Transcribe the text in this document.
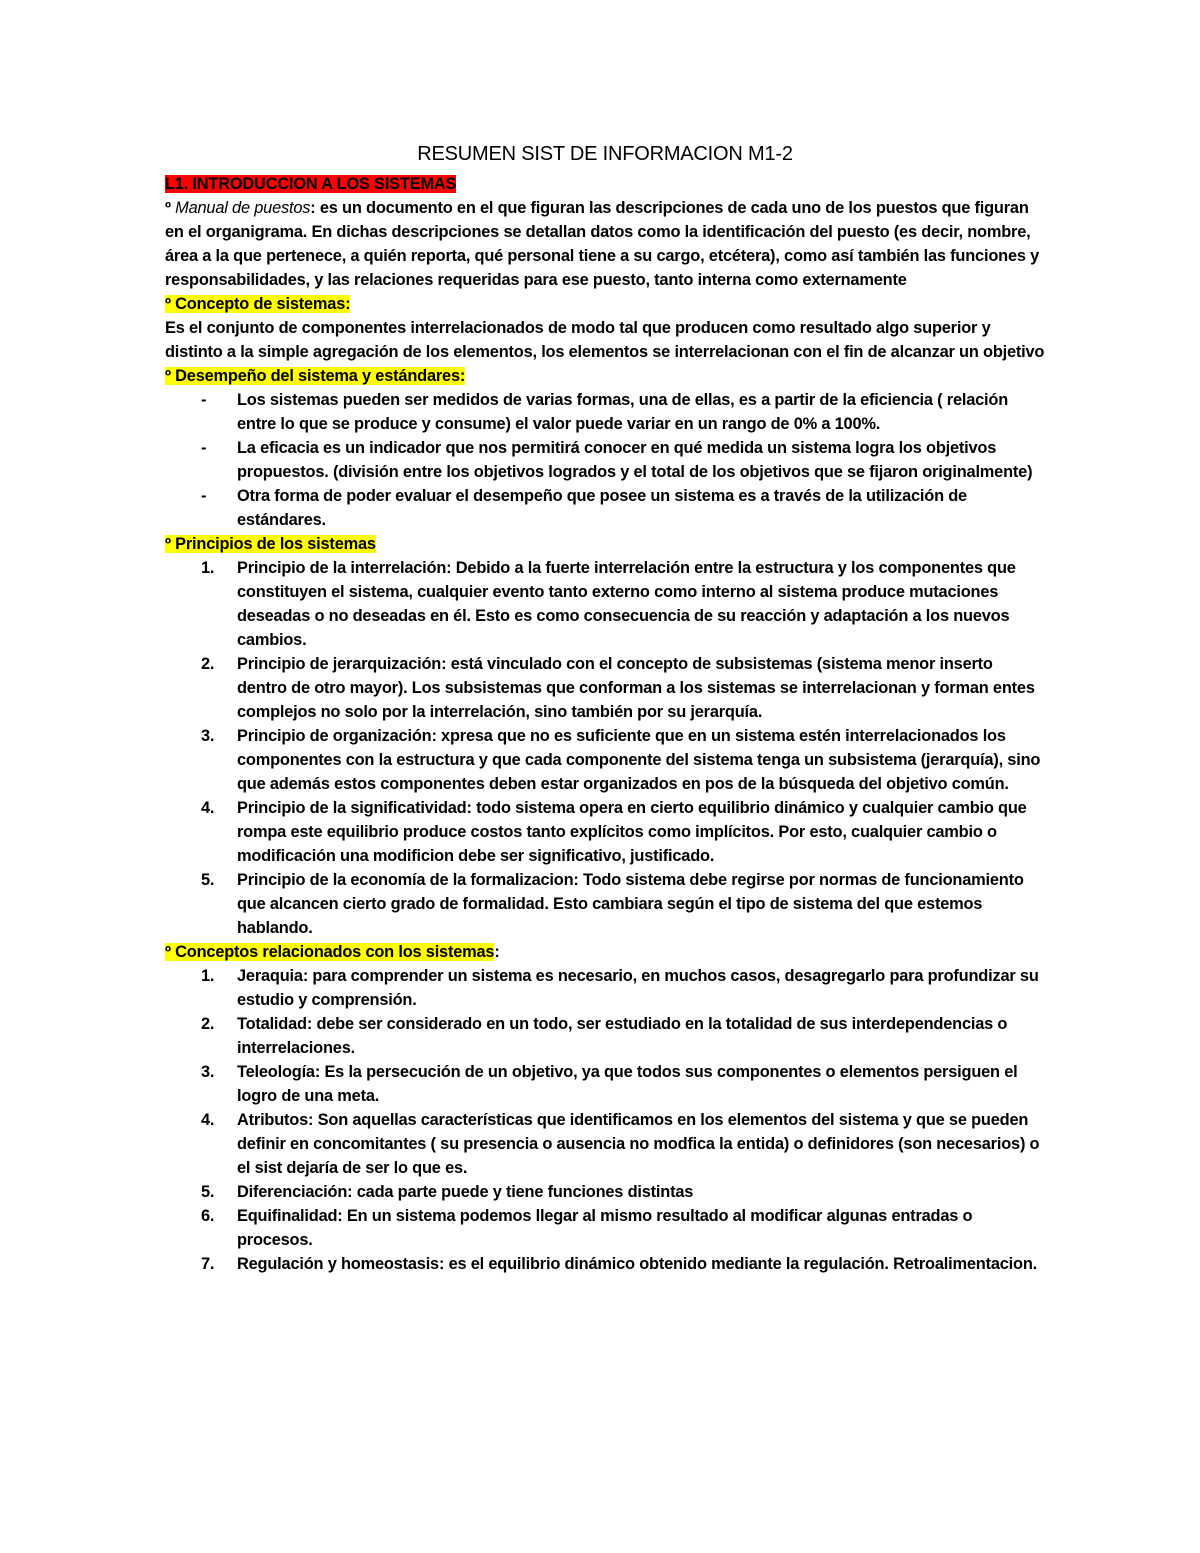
RESUMEN SIST DE INFORMACION M1-2
L1. INTRODUCCION A LOS SISTEMAS

º Manual de puestos: es un documento en el que figuran las descripciones de cada uno de los puestos que figuran en el organigrama. En dichas descripciones se detallan datos como la identificación del puesto (es decir, nombre, área a la que pertenece, a quién reporta, qué personal tiene a su cargo, etcétera), como así también las funciones y responsabilidades, y las relaciones requeridas para ese puesto, tanto interna como externamente

º Concepto de sistemas:

Es el conjunto de componentes interrelacionados de modo tal que producen como resultado algo superior y distinto a la simple agregación de los elementos, los elementos se interrelacionan con el fin de alcanzar un objetivo

º Desempeño del sistema y estándares:
- Los sistemas pueden ser medidos de varias formas, una de ellas, es a partir de la eficiencia ( relación entre lo que se produce y consume) el valor puede variar en un rango de 0% a 100%.
- La eficacia es un indicador que nos permitirá conocer en qué medida un sistema logra los objetivos propuestos. (división entre los objetivos logrados y el total de los objetivos que se fijaron originalmente)
- Otra forma de poder evaluar el desempeño que posee un sistema es a través de la utilización de estándares.
º Principios de los sistemas
1. Principio de la interrelación: Debido a la fuerte interrelación entre la estructura y los componentes que constituyen el sistema, cualquier evento tanto externo como interno al sistema produce mutaciones deseadas o no deseadas en él. Esto es como consecuencia de su reacción y adaptación a los nuevos cambios.
2. Principio de jerarquización: está vinculado con el concepto de subsistemas (sistema menor inserto dentro de otro mayor). Los subsistemas que conforman a los sistemas se interrelacionan y forman entes complejos no solo por la interrelación, sino también por su jerarquía.
3. Principio de organización: xpresa que no es suficiente que en un sistema estén interrelacionados los componentes con la estructura y que cada componente del sistema tenga un subsistema (jerarquía), sino que además estos componentes deben estar organizados en pos de la búsqueda del objetivo común.
4. Principio de la significatividad: todo sistema opera en cierto equilibrio dinámico y cualquier cambio que rompa este equilibrio produce costos tanto explícitos como implícitos. Por esto, cualquier cambio o modificación una modificion debe ser significativo, justificado.
5. Principio de la economía de la formalizacion: Todo sistema debe regirse por normas de funcionamiento que alcancen cierto grado de formalidad. Esto cambiara según el tipo de sistema del que estemos hablando.
º Conceptos relacionados con los sistemas:
1. Jeraquia: para comprender un sistema es necesario, en muchos casos, desagregarlo para profundizar su estudio y comprensión.
2. Totalidad: debe ser considerado en un todo, ser estudiado en la totalidad de sus interdependencias o interrelaciones.
3. Teleología: Es la persecución de un objetivo, ya que todos sus componentes o elementos persiguen el logro de una meta.
4. Atributos: Son aquellas características que identificamos en los elementos del sistema y que se pueden definir en concomitantes ( su presencia o ausencia no modfica la entida) o definidores (son necesarios) o el sist dejaría de ser lo que es.
5. Diferenciación: cada parte puede y tiene funciones distintas
6. Equifinalidad: En un sistema podemos llegar al mismo resultado al modificar algunas entradas o procesos.
7. Regulación y homeostasis: es el equilibrio dinámico obtenido mediante la regulación. Retroalimentacion.
